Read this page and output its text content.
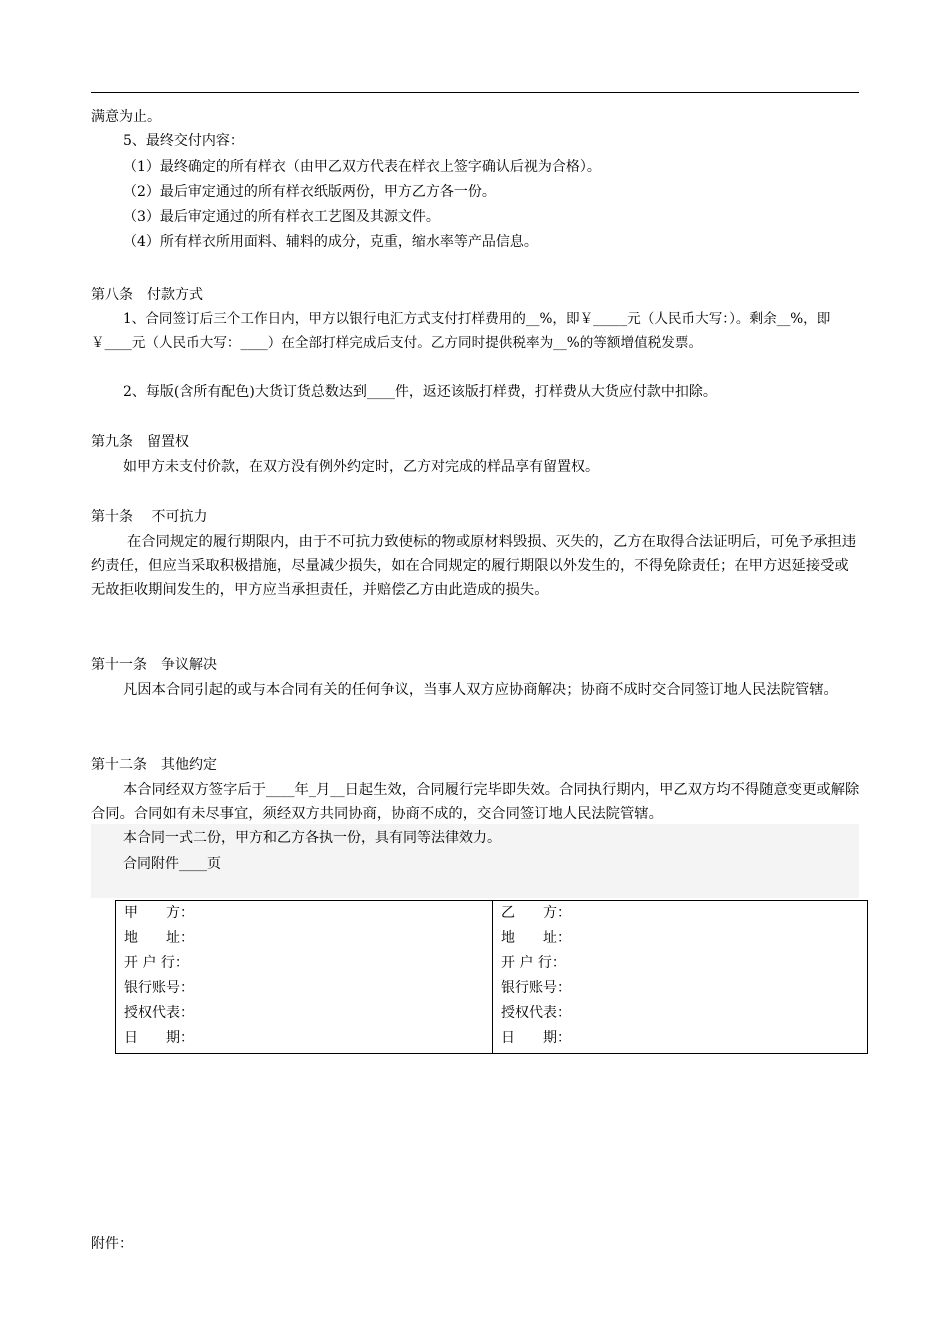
满意为止。

5、最终交付内容：

（1）最终确定的所有样衣（由甲乙双方代表在样衣上签字确认后视为合格）。

（2）最后审定通过的所有样衣纸版两份，甲方乙方各一份。

（3）最后审定通过的所有样衣工艺图及其源文件。

（4）所有样衣所用面料、辅料的成分，克重，缩水率等产品信息。

第八条　付款方式

1、合同签订后三个工作日内，甲方以银行电汇方式支付打样费用的__%，即￥_____元（人民币大写：）。剩余__%，即￥____元（人民币大写：____）在全部打样完成后支付。乙方同时提供税率为__%的等额增值税发票。

2、每版(含所有配色)大货订货总数达到____件，返还该版打样费，打样费从大货应付款中扣除。

第九条　留置权

如甲方未支付价款，在双方没有例外约定时，乙方对完成的样品享有留置权。

第十条　 不可抗力

在合同规定的履行期限内，由于不可抗力致使标的物或原材料毁损、灭失的，乙方在取得合法证明后，可免予承担违约责任，但应当采取积极措施，尽量减少损失，如在合同规定的履行期限以外发生的，不得免除责任；在甲方迟延接受或无故拒收期间发生的，甲方应当承担责任，并赔偿乙方由此造成的损失。

第十一条　争议解决

凡因本合同引起的或与本合同有关的任何争议，当事人双方应协商解决；协商不成时交合同签订地人民法院管辖。

第十二条　其他约定

本合同经双方签字后于____年_月__日起生效，合同履行完毕即失效。合同执行期内，甲乙双方均不得随意变更或解除合同。合同如有未尽事宜，须经双方共同协商，协商不成的，交合同签订地人民法院管辖。

本合同一式二份，甲方和乙方各执一份，具有同等法律效力。

合同附件____页

甲　　方：
地　　址：
开 户 行：
银行账号：
授权代表：
日　　期：
乙　　方：
地　　址：
开 户 行：
银行账号：
授权代表：
日　　期：
附件：
